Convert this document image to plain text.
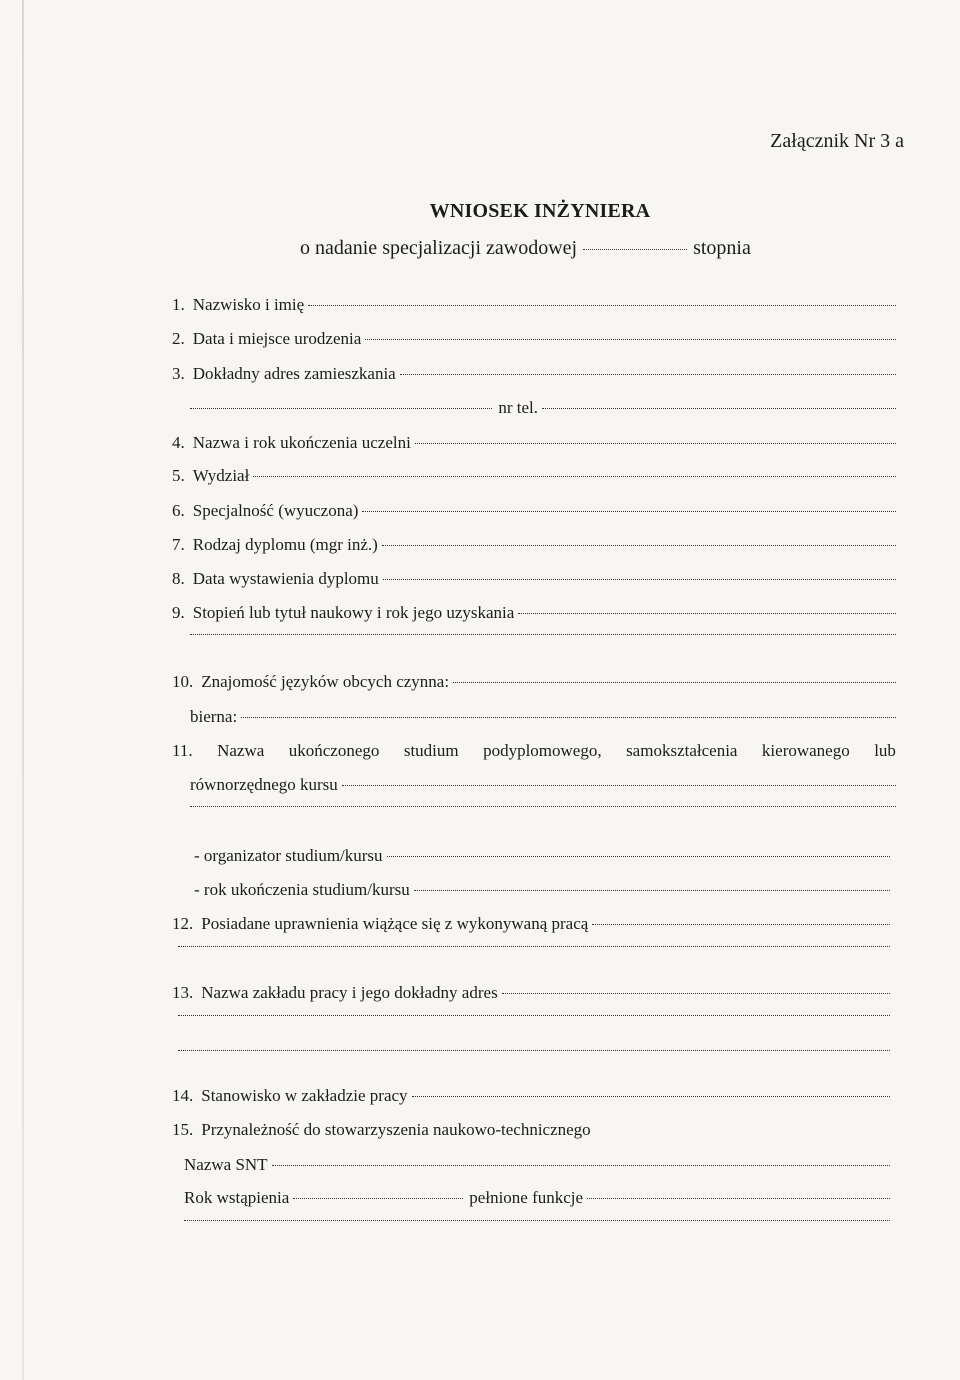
Załącznik Nr 3 a
WNIOSEK INŻYNIERA
o nadanie specjalizacji zawodowej	stopnia
1. Nazwisko i imię
2. Data i miejsce urodzenia
3. Dokładny adres zamieszkania
nr tel.
4. Nazwa i rok ukończenia uczelni
5. Wydział
6. Specjalność (wyuczona)
7. Rodzaj dyplomu (mgr inż.)
8. Data wystawienia dyplomu
9. Stopień lub tytuł naukowy i rok jego uzyskania
10. Znajomość języków obcych czynna:
bierna:
11. Nazwa ukończonego studium podyplomowego, samokształcenia kierowanego lub
równorzędnego kursu
- organizator studium/kursu
- rok ukończenia studium/kursu
12. Posiadane uprawnienia wiążące się z wykonywaną pracą
13. Nazwa zakładu pracy i jego dokładny adres
14. Stanowisko w zakładzie pracy
15. Przynależność do stowarzyszenia naukowo-technicznego
Nazwa SNT
Rok wstąpienia	pełnione funkcje
